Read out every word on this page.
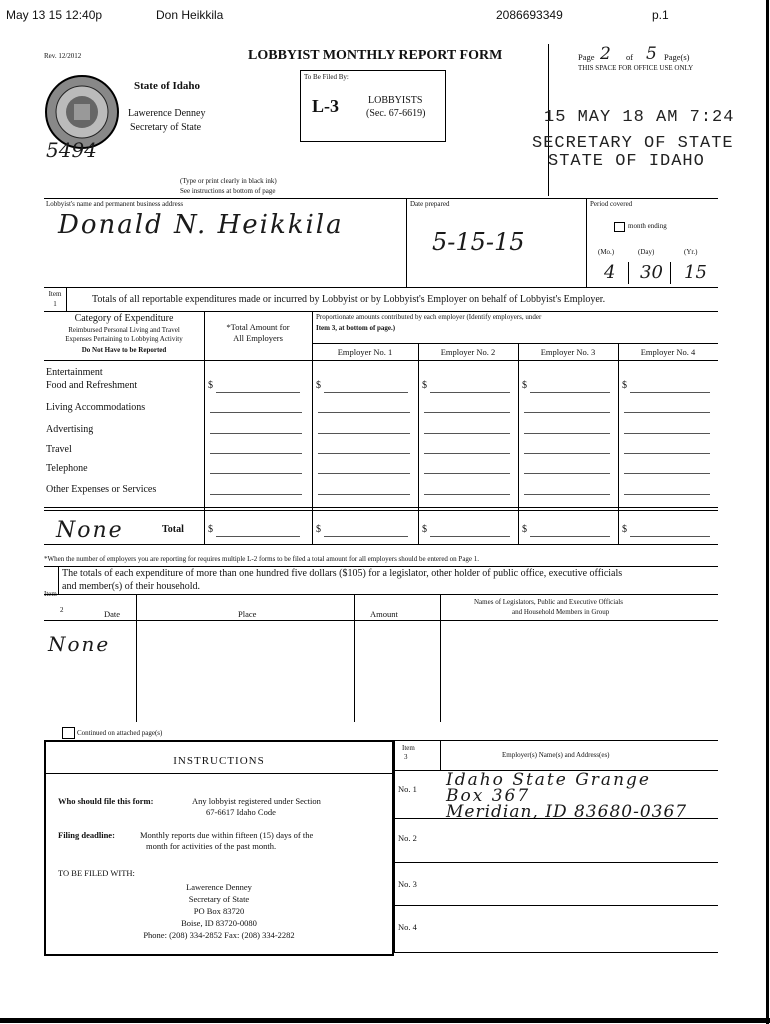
May 13 15 12:40p	Don Heikkila	2086693349	p.1
Rev. 12/2012
State of Idaho
Lawerence Denney
Secretary of State
5494
(Type or print clearly in black ink)
See instructions at bottom of page
LOBBYIST MONTHLY REPORT FORM
To Be Filed By:
L-3	LOBBYISTS
(Sec. 67-6619)
Page 2 of 5 Page(s)
THIS SPACE FOR OFFICE USE ONLY
15 MAY 18 AM 7:24
SECRETARY OF STATE
STATE OF IDAHO
Lobbyist's name and permanent business address
Donald N. Heikkila
Date prepared
5-15-15
Period covered
month ending
(Mo.)	(Day)	(Yr.)
4 30 15
Item
1	Totals of all reportable expenditures made or incurred by Lobbyist or by Lobbyist's Employer on behalf of Lobbyist's Employer.
Category of Expenditure
Reimbursed Personal Living and Travel
Expenses Pertaining to Lobbying Activity
Do Not Have to be Reported
*Total Amount for
All Employers
Proportionate amounts contributed by each employer (Identify employers, under
Item 3, at bottom of page.)
Employer No. 1	Employer No. 2	Employer No. 3	Employer No. 4
Entertainment
Food and Refreshment
Living Accommodations
Advertising
Travel
Telephone
Other Expenses or Services
$	$	$	$	$
None	Total $	$	$	$	$
*When the number of employers you are reporting for requires multiple L-2 forms to be filed a total amount for all employers should be entered on Page 1.
Item
The totals of each expenditure of more than one hundred five dollars ($105) for a legislator, other holder of public office, executive officials
and member(s) of their household.
2	Date	Place	Amount
Names of Legislators, Public and Executive Officials
and Household Members in Group
None
Continued on attached page(s)
INSTRUCTIONS
Who should file this form:	Any lobbyist registered under Section
67-6617 Idaho Code
Filing deadline:	Monthly reports due within fifteen (15) days of the
month for activities of the past month.
TO BE FILED WITH:
Lawerence Denney
Secretary of State
PO Box 83720
Boise, ID 83720-0080
Phone: (208) 334-2852 Fax: (208) 334-2282
Item
3	Employer(s) Name(s) and Address(es)
No. 1 Idaho State Grange
Box 367
Meridian, ID 83680-0367
No. 2
No. 3
No. 4
